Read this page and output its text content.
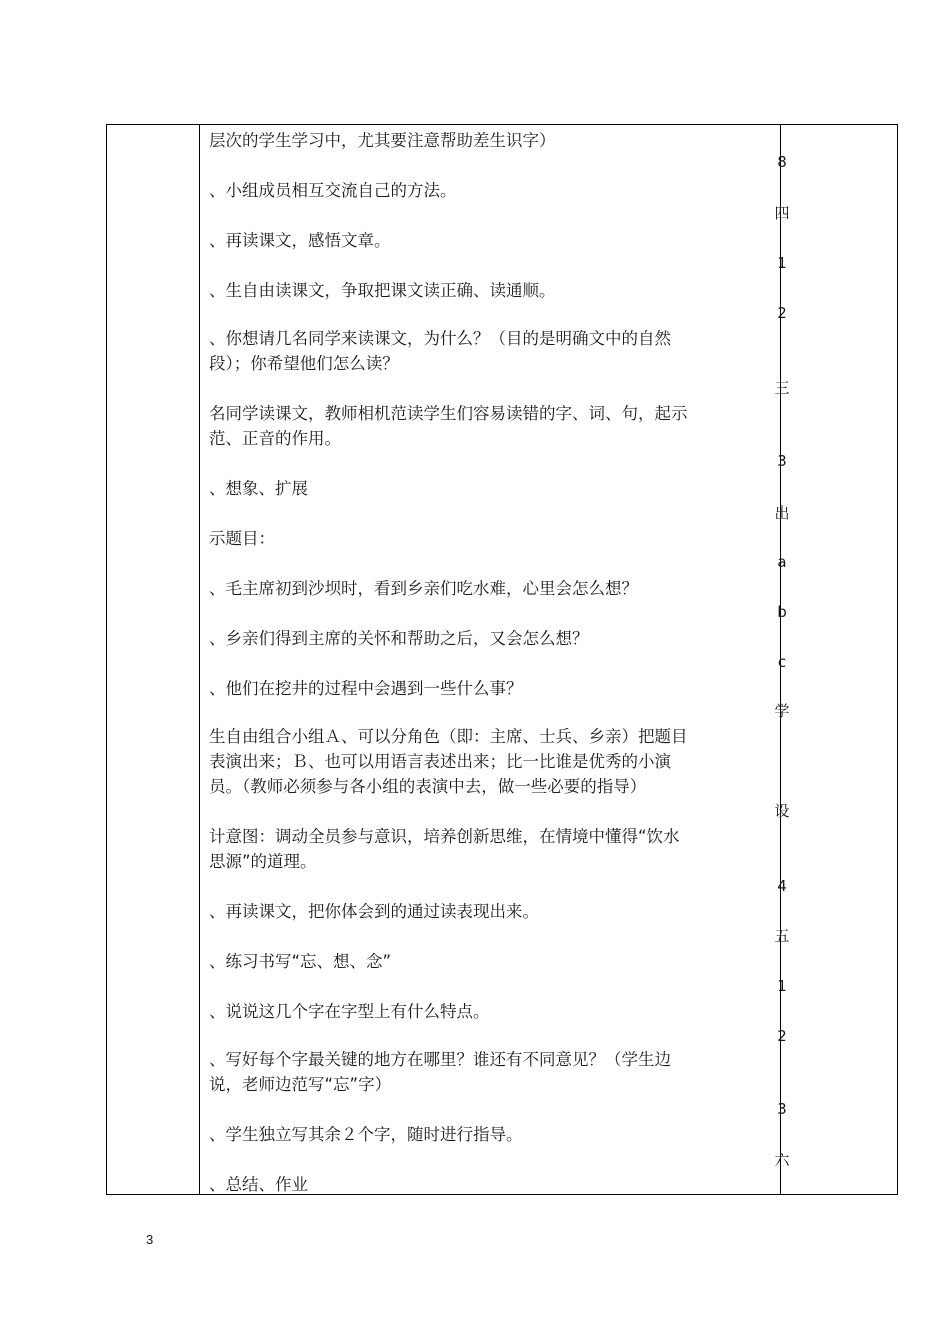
层次的学生学习中，尤其要注意帮助差生识字）
、小组成员相互交流自己的方法。
、再读课文，感悟文章。
、生自由读课文，争取把课文读正确、读通顺。
、你想请几名同学来读课文，为什么？（目的是明确文中的自然
段）；你希望他们怎么读？
名同学读课文，教师相机范读学生们容易读错的字、词、句，起示
范、正音的作用。
、想象、扩展
示题目：
、毛主席初到沙坝时，看到乡亲们吃水难，心里会怎么想？
、乡亲们得到主席的关怀和帮助之后，又会怎么想？
、他们在挖井的过程中会遇到一些什么事？
生自由组合小组Ａ、可以分角色（即：主席、士兵、乡亲）把题目
表演出来；Ｂ、也可以用语言表述出来；比一比谁是优秀的小演
员。（教师必须参与各小组的表演中去，做一些必要的指导）
计意图：调动全员参与意识，培养创新思维，在情境中懂得“饮水
思源”的道理。
、再读课文，把你体会到的通过读表现出来。
、练习书写“忘、想、念”
、说说这几个字在字型上有什么特点。
、写好每个字最关键的地方在哪里？谁还有不同意见？（学生边
说，老师边范写“忘”字）
、学生独立写其余２个字，随时进行指导。
、总结、作业
8
四
1
2
三
3
出
a
b
c
学
设
4
五
1
2
3
六
3
